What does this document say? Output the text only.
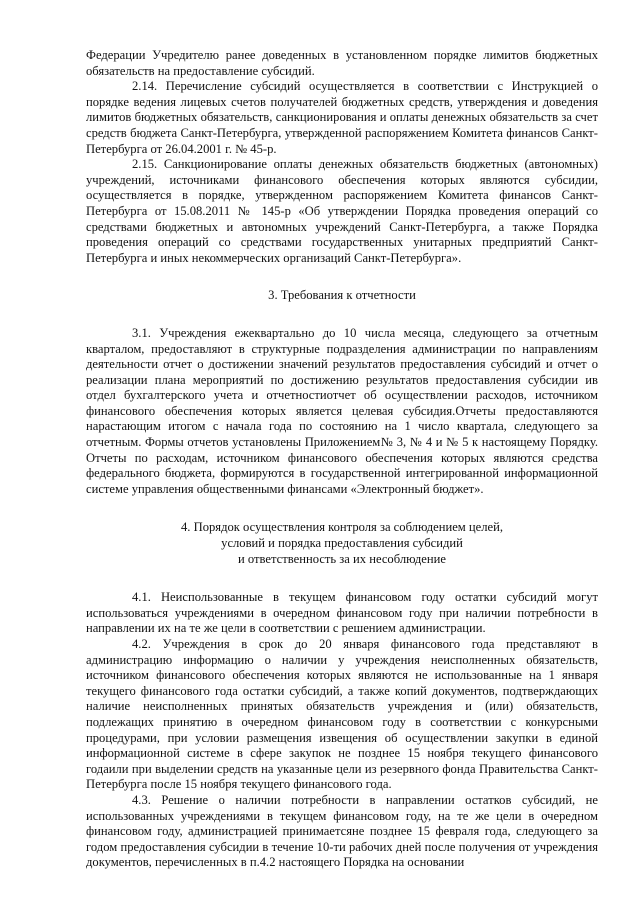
Федерации Учредителю ранее доведенных в установленном порядке лимитов бюджетных обязательств на предоставление субсидий.

2.14. Перечисление субсидий осуществляется в соответствии с Инструкцией о порядке ведения лицевых счетов получателей бюджетных средств, утверждения и доведения лимитов бюджетных обязательств, санкционирования и оплаты денежных обязательств за счет средств бюджета Санкт-Петербурга, утвержденной распоряжением Комитета финансов Санкт-Петербурга от 26.04.2001 г. № 45-р.

2.15. Санкционирование оплаты денежных обязательств бюджетных (автономных) учреждений, источниками финансового обеспечения которых являются субсидии, осуществляется в порядке, утвержденном распоряжением Комитета финансов Санкт-Петербурга от 15.08.2011 № 145-р «Об утверждении Порядка проведения операций со средствами бюджетных и автономных учреждений Санкт-Петербурга, а также Порядка проведения операций со средствами государственных унитарных предприятий Санкт-Петербурга и иных некоммерческих организаций Санкт-Петербурга».

3. Требования к отчетности

3.1. Учреждения ежеквартально до 10 числа месяца, следующего за отчетным кварталом, предоставляют в структурные подразделения администрации по направлениям деятельности отчет о достижении значений результатов предоставления субсидий и отчет о реализации плана мероприятий по достижению результатов предоставления субсидии ив отдел бухгалтерского учета и отчетностиотчет об осуществлении расходов, источником финансового обеспечения которых является целевая субсидия.Отчеты предоставляются нарастающим итогом с начала года по состоянию на 1 число квартала, следующего за отчетным. Формы отчетов установлены Приложением№ 3, № 4 и № 5 к настоящему Порядку. Отчеты по расходам, источником финансового обеспечения которых являются средства федерального бюджета, формируются в государственной интегрированной информационной системе управления общественными финансами «Электронный бюджет».

4. Порядок осуществления контроля за соблюдением целей,

условий и порядка предоставления субсидий

и ответственность за их несоблюдение

4.1. Неиспользованные в текущем финансовом году остатки субсидий могут использоваться учреждениями в очередном финансовом году при наличии потребности в направлении их на те же цели в соответствии с решением администрации.

4.2. Учреждения в срок до 20 января финансового года представляют в администрацию информацию о наличии у учреждения неисполненных обязательств, источником финансового обеспечения которых являются не использованные на 1 января текущего финансового года остатки субсидий, а также копий документов, подтверждающих наличие неисполненных принятых обязательств учреждения и (или) обязательств, подлежащих принятию в очередном финансовом году в соответствии с конкурсными процедурами, при условии размещения извещения об осуществлении закупки в единой информационной системе в сфере закупок не позднее 15 ноября текущего финансового годаили при выделении средств на указанные цели из резервного фонда Правительства Санкт-Петербурга после 15 ноября текущего финансового года.

4.3. Решение о наличии потребности в направлении остатков субсидий, не использованных учреждениями в текущем финансовом году, на те же цели в очередном финансовом году, администрацией принимаетсяне позднее 15 февраля года, следующего за годом предоставления субсидии в течение 10-ти рабочих дней после получения от учреждения документов, перечисленных в п.4.2 настоящего Порядка на основании
